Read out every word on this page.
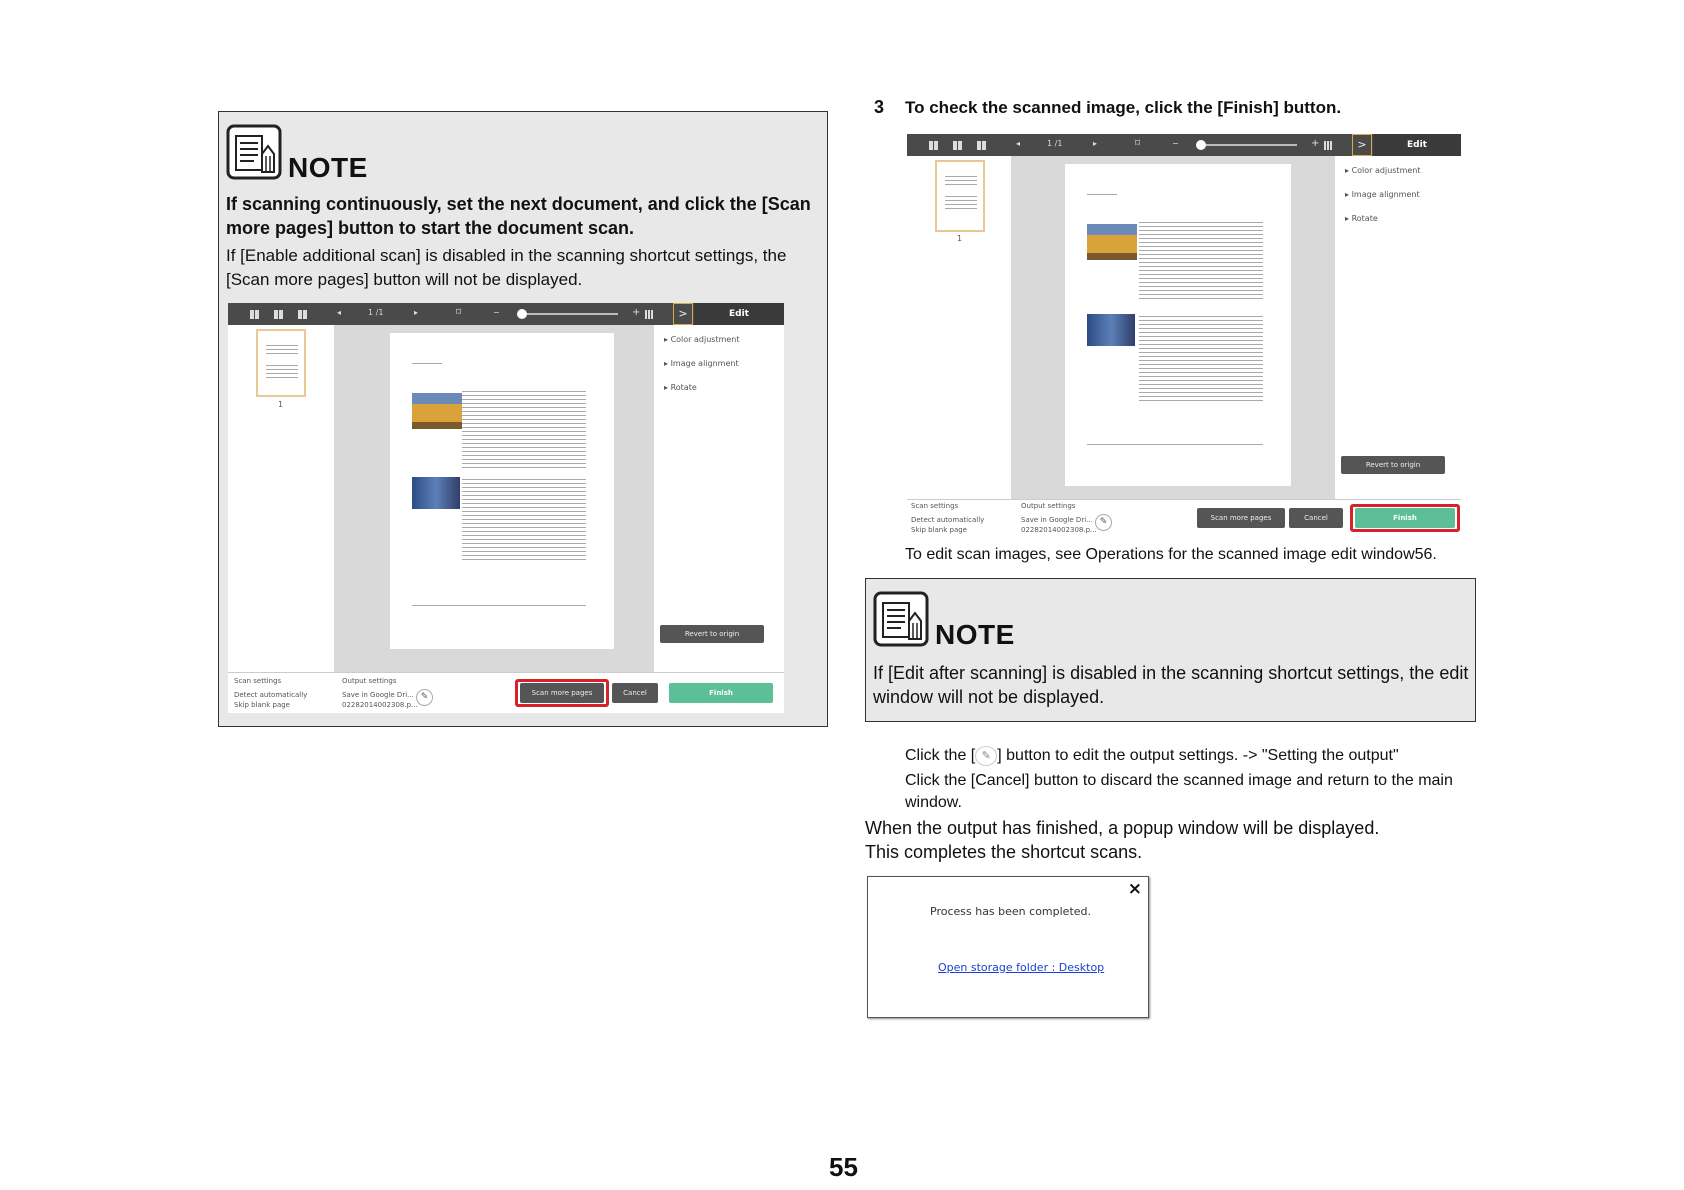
NOTE
If scanning continuously, set the next document, and click the [Scan more pages] button to start the document scan.
If [Enable additional scan] is disabled in the scanning shortcut settings, the [Scan more pages] button will not be displayed.
◂	1 /1	▸	⌑	−	+	>	Edit
1
▸ Color adjustment
▸ Image alignment
▸ Rotate
Revert to origin
Scan settings
Detect automatically
Skip blank page
Output settings
Save in Google Dri...
02282014002308.p...
✎	Scan more pages	Cancel	Finish
3 To check the scanned image, click the [Finish] button.
◂	1 /1	▸	⌑	−	+	>	Edit
1
▸ Color adjustment
▸ Image alignment
▸ Rotate
Revert to origin
Scan settings
Detect automatically
Skip blank page
Output settings
Save in Google Dri...
02282014002308.p...
✎	Scan more pages	Cancel	Finish
To edit scan images, see Operations for the scanned image edit window56.
NOTE
If [Edit after scanning] is disabled in the scanning shortcut settings, the edit window will not be displayed.
Click the [ ✎ ] button to edit the output settings. -> "Setting the output"
Click the [Cancel] button to discard the scanned image and return to the main window.
When the output has finished, a popup window will be displayed.
This completes the shortcut scans.
×
Process has been completed.
Open storage folder : Desktop
55
